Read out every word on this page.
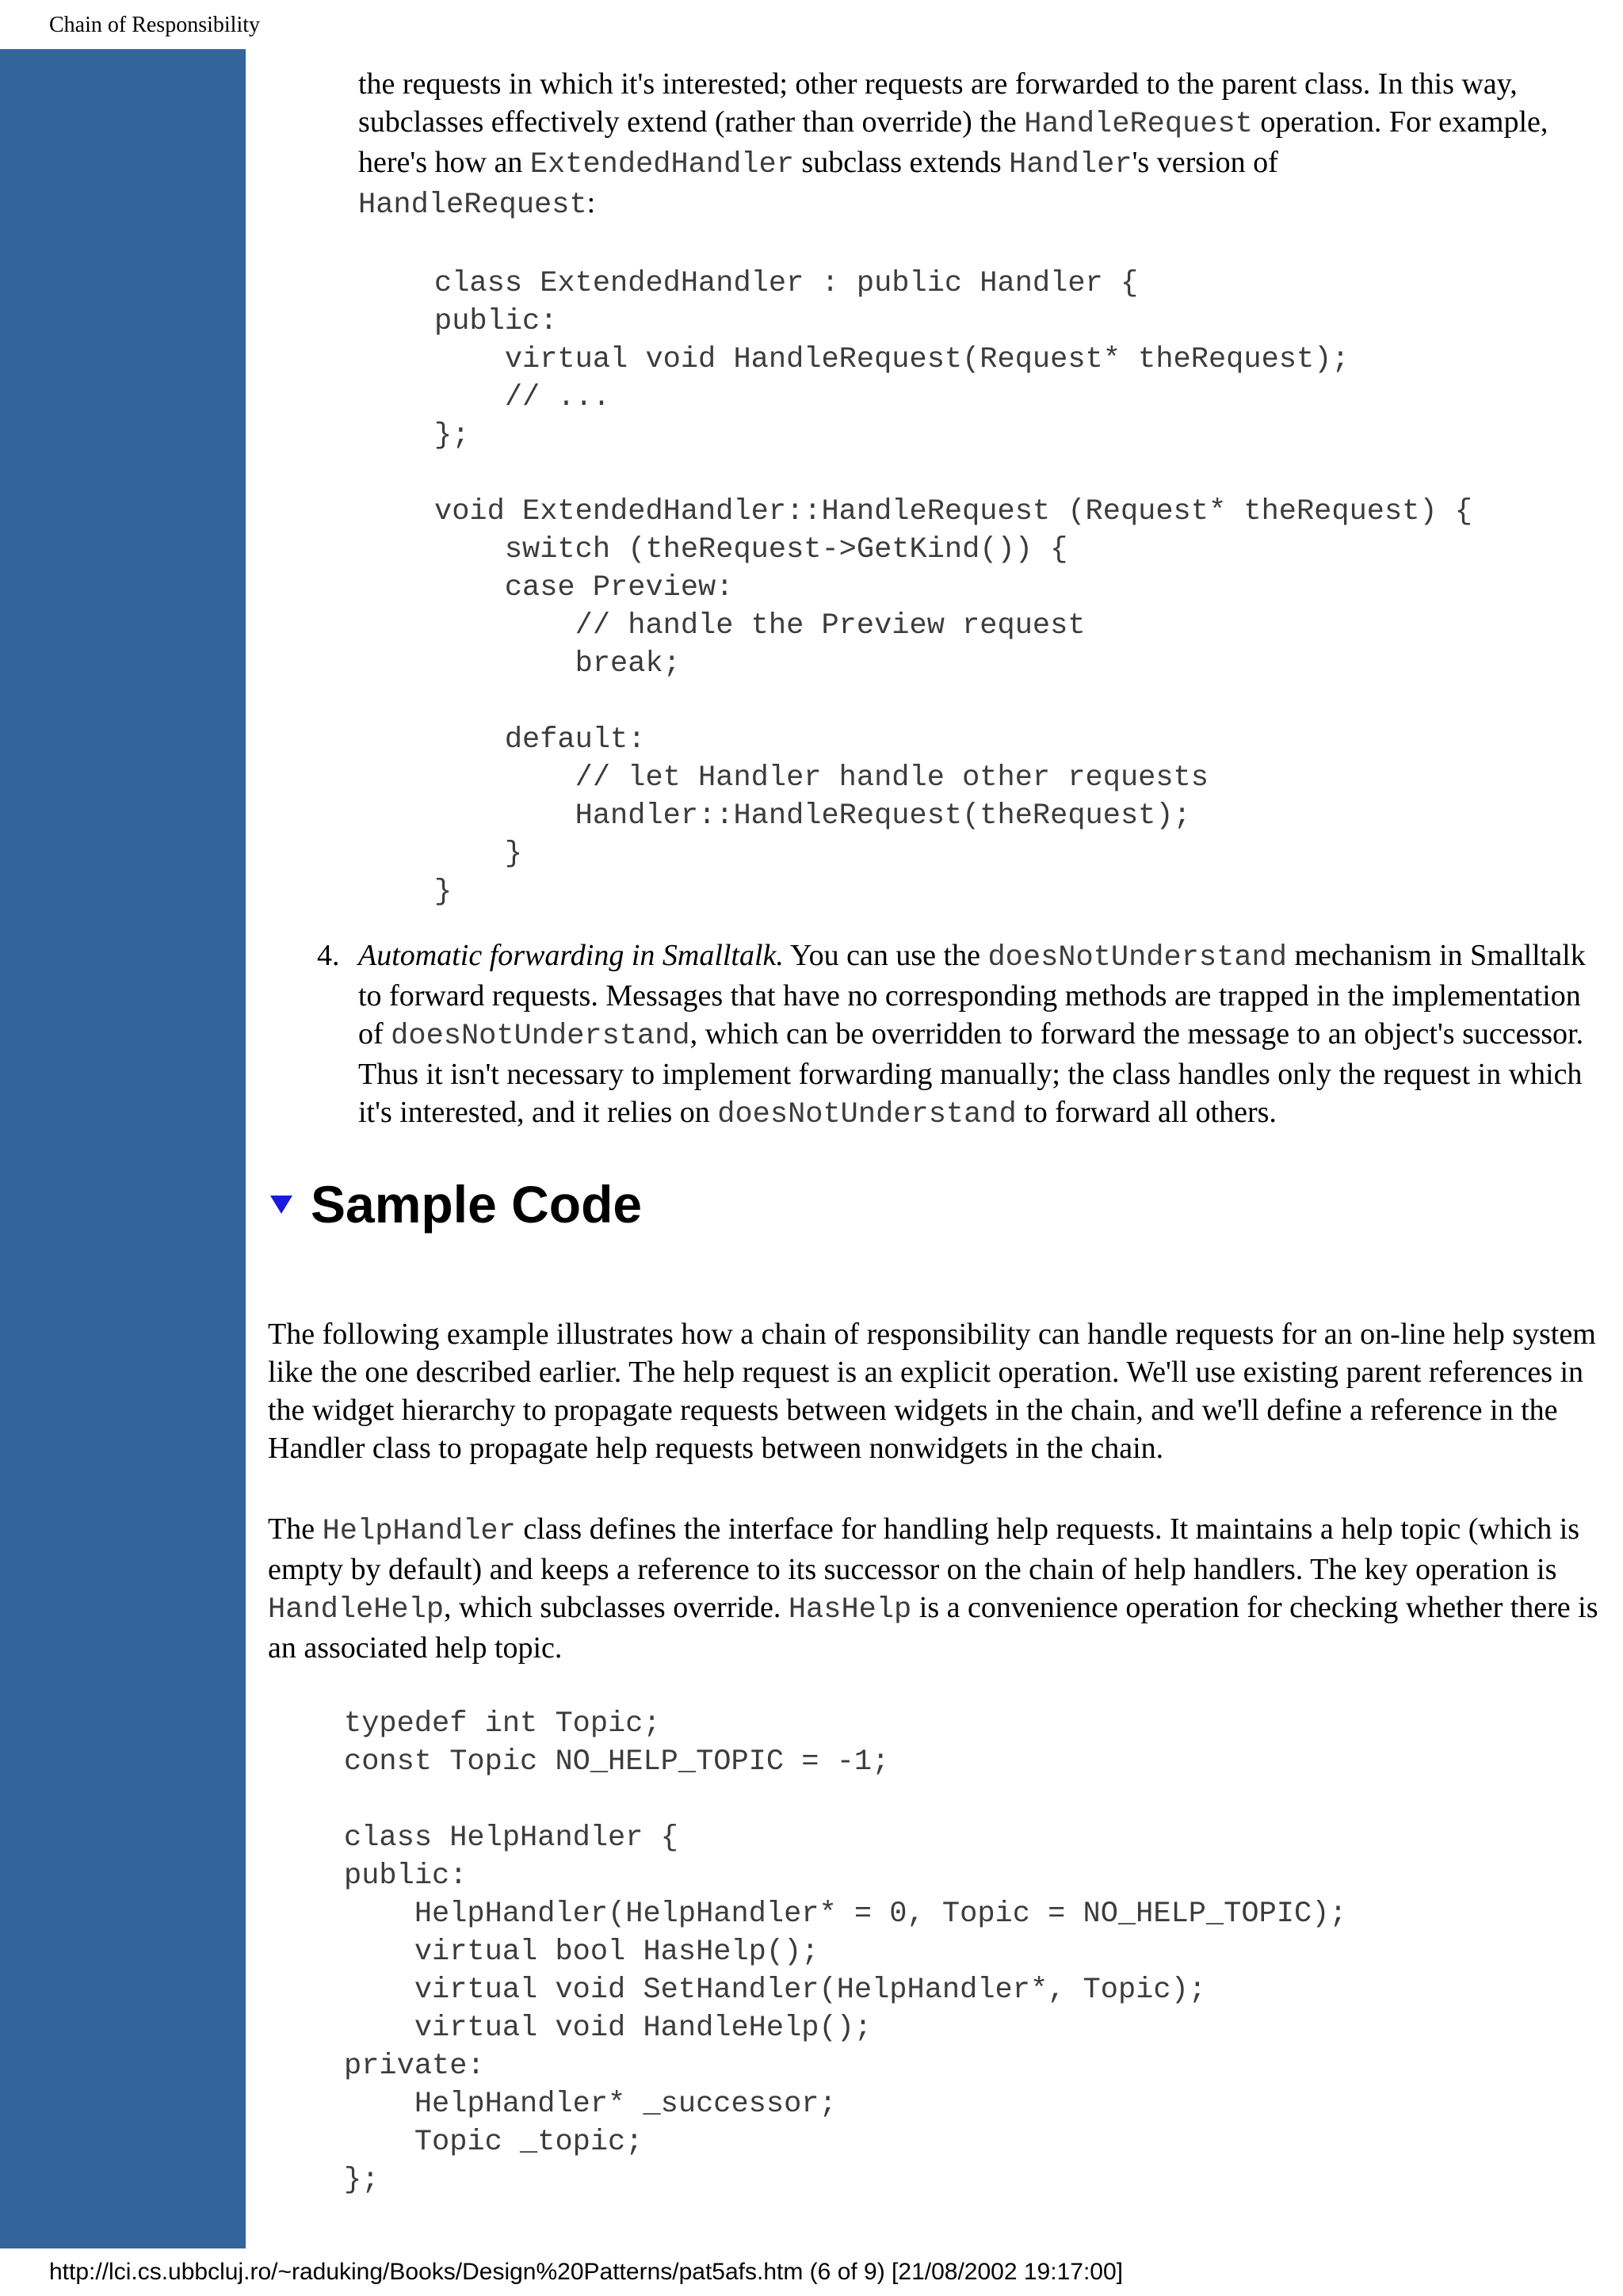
Chain of Responsibility
the requests in which it's interested; other requests are forwarded to the parent class. In this way, subclasses effectively extend (rather than override) the HandleRequest operation. For example, here's how an ExtendedHandler subclass extends Handler's version of
HandleRequest:
class ExtendedHandler : public Handler {
public:
virtual void HandleRequest(Request* theRequest);
// ...
};

void ExtendedHandler::HandleRequest (Request* theRequest) {
switch (theRequest->GetKind()) {
case Preview:
// handle the Preview request
break;

default:
// let Handler handle other requests
Handler::HandleRequest(theRequest);
}
}
4. Automatic forwarding in Smalltalk. You can use the doesNotUnderstand mechanism in Smalltalk to forward requests. Messages that have no corresponding methods are trapped in the implementation of doesNotUnderstand, which can be overridden to forward the message to an object's successor. Thus it isn't necessary to implement forwarding manually; the class handles only the request in which it's interested, and it relies on doesNotUnderstand to forward all others.
Sample Code
The following example illustrates how a chain of responsibility can handle requests for an on-line help system like the one described earlier. The help request is an explicit operation. We'll use existing parent references in the widget hierarchy to propagate requests between widgets in the chain, and we'll define a reference in the Handler class to propagate help requests between nonwidgets in the chain.
The HelpHandler class defines the interface for handling help requests. It maintains a help topic (which is empty by default) and keeps a reference to its successor on the chain of help handlers. The key operation is HandleHelp, which subclasses override. HasHelp is a convenience operation for checking whether there is an associated help topic.
typedef int Topic;
const Topic NO_HELP_TOPIC = -1;

class HelpHandler {
public:
HelpHandler(HelpHandler* = 0, Topic = NO_HELP_TOPIC);
virtual bool HasHelp();
virtual void SetHandler(HelpHandler*, Topic);
virtual void HandleHelp();
private:
HelpHandler* _successor;
Topic _topic;
};
http://lci.cs.ubbcluj.ro/~raduking/Books/Design%20Patterns/pat5afs.htm (6 of 9) [21/08/2002 19:17:00]
